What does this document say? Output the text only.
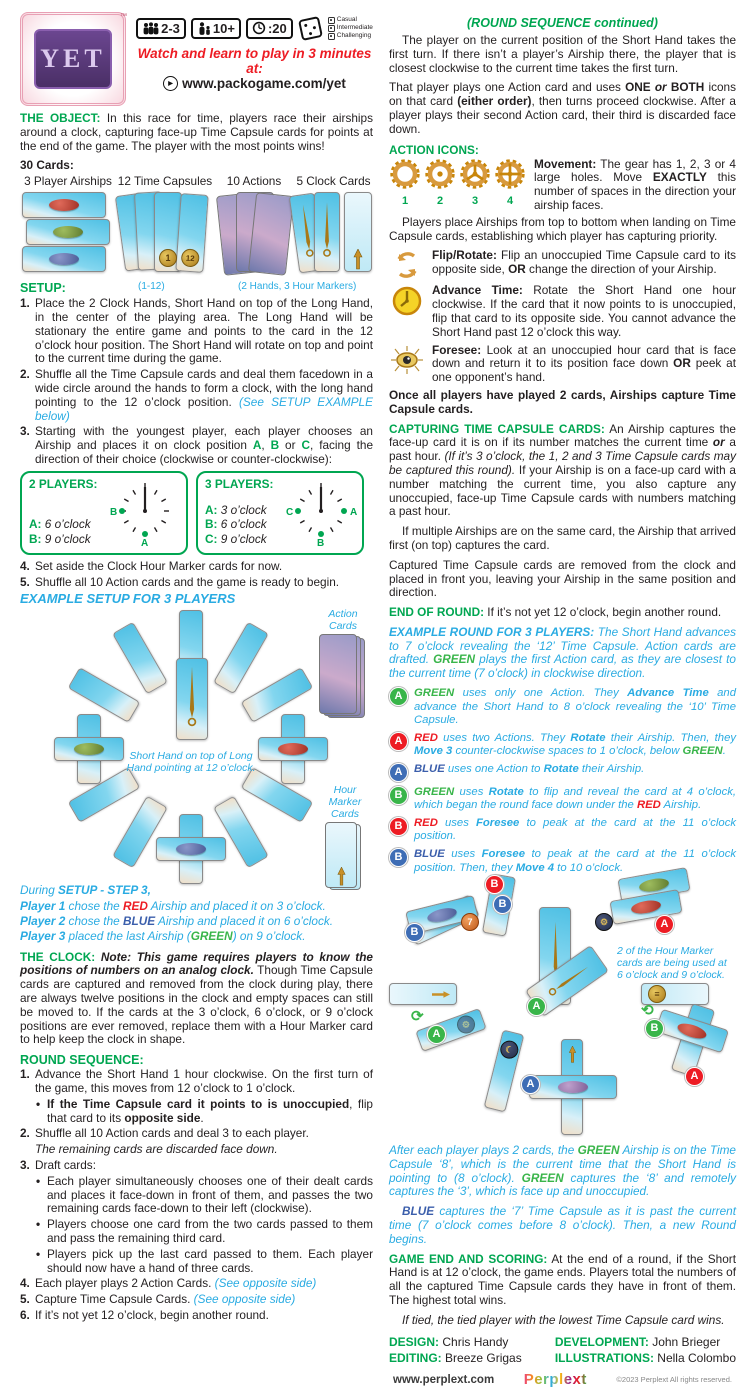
YET
™
2-3	10+	:20
Casual
Intermediate
Challenging
Watch and learn to play in 3 minutes at:
▶ www.packogame.com/yet
THE OBJECT: In this race for time, players race their airships around a clock, capturing face-up Time Capsule cards for points at the end of the game. The player with the most points wins!
30 Cards:
3 Player Airships 12 Time Capsules	10 Actions	5 Clock Cards
1	12
SETUP:	(1-12)	(2 Hands, 3 Hour Markers)
1. Place the 2 Clock Hands, Short Hand on top of the Long Hand, in the center of the playing area. The Long Hand will be stationary the entire game and points to the card in the 12 o’clock hour position. The Short Hand will rotate on top and point to the current time during the game.
2. Shuffle all the Time Capsule cards and deal them facedown in a wide circle around the hands to form a clock, with the long hand pointing to the 12 o’clock position. (See SETUP EXAMPLE below)
3. Starting with the youngest player, each player chooses an Airship and places it on clock position A, B or C, facing the direction of their choice (clockwise or counter-clockwise):
2 PLAYERS:
A: 6 o’clock
B: 9 o’clock
B
A
3 PLAYERS:
A: 3 o’clock
B: 6 o’clock
C: 9 o’clock
C	A
B
4. Set aside the Clock Hour Marker cards for now.
5. Shuffle all 10 Action cards and the game is ready to begin.
EXAMPLE SETUP FOR 3 PLAYERS
Short Hand on top of Long Hand pointing at 12 o’clock.
Action Cards
Hour Marker Cards
During SETUP - STEP 3,
Player 1 chose the RED Airship and placed it on 3 o’clock.
Player 2 chose the BLUE Airship and placed it on 6 o’clock.
Player 3 placed the last Airship (GREEN) on 9 o’clock.
THE CLOCK: Note: This game requires players to know the positions of numbers on an analog clock. Though Time Capsule cards are captured and removed from the clock during play, there are always twelve positions in the clock and empty spaces can still be moved to. If the cards at the 3 o’clock, 6 o’clock, or 9 o’clock positions are ever removed, replace them with a Hour Marker card to help keep the clock in shape.
ROUND SEQUENCE:
1. Advance the Short Hand 1 hour clockwise. On the first turn of the game, this moves from 12 o’clock to 1 o’clock.
• If the Time Capsule card it points to is unoccupied, flip that card to its opposite side.
2. Shuffle all 10 Action cards and deal 3 to each player.
The remaining cards are discarded face down.
3. Draft cards:
• Each player simultaneously chooses one of their dealt cards and places it face-down in front of them, and passes the two remaining cards face-down to their left (clockwise).
• Players choose one card from the two cards passed to them and pass the remaining third card.
• Players pick up the last card passed to them. Each player should now have a hand of three cards.
4. Each player plays 2 Action Cards. (See opposite side)
5. Capture Time Capsule Cards. (See opposite side)
6. If it’s not yet 12 o’clock, begin another round.
(ROUND SEQUENCE continued)
The player on the current position of the Short Hand takes the first turn. If there isn’t a player’s Airship there, the player that is closest clockwise to the current time takes the first turn.
That player plays one Action card and uses ONE or BOTH icons on that card (either order), then turns proceed clockwise. After a player plays their second Action card, their third is discarded face down.
ACTION ICONS:
1	2	3	4
Movement: The gear has 1, 2, 3 or 4 large holes. Move EXACTLY this number of spaces in the direction your airship faces.
Players place Airships from top to bottom when landing on Time Capsule cards, establishing which player has capturing priority.
Flip/Rotate: Flip an unoccupied Time Capsule card to its opposite side, OR change the direction of your Airship.
Advance Time: Rotate the Short Hand one hour clockwise. If the card that it now points to is unoccupied, flip that card to its opposite side. You cannot advance the Short Hand past 12 o’clock this way.
Foresee: Look at an unoccupied hour card that is face down and return it to its position face down OR peek at one opponent’s hand.
Once all players have played 2 cards, Airships capture Time Capsule cards.
CAPTURING TIME CAPSULE CARDS: An Airship captures the face-up card it is on if its number matches the current time or a past hour. (If it’s 3 o’clock, the 1, 2 and 3 Time Capsule cards may be captured this round). If your Airship is on a face-up card with a number matching the current time, you also capture any unoccupied, face-up Time Capsule cards with numbers matching a past hour.
If multiple Airships are on the same card, the Airship that arrived first (on top) captures the card.
Captured Time Capsule cards are removed from the clock and placed in front you, leaving your Airship in the same position and direction.
END OF ROUND: If it’s not yet 12 o’clock, begin another round.
EXAMPLE ROUND FOR 3 PLAYERS: The Short Hand advances to 7 o’clock revealing the ‘12’ Time Capsule. Action cards are drafted. GREEN plays the first Action card, as they are closest to the current time (7 o’clock) in clockwise direction.
A	GREEN uses only one Action. They Advance Time and advance the Short Hand to 8 o’clock revealing the ‘10’ Time Capsule.
A	RED uses two Actions. They Rotate their Airship. Then, they Move 3 counter-clockwise spaces to 1 o’clock, below GREEN.
A	BLUE uses one Action to Rotate their Airship.
B	GREEN uses Rotate to flip and reveal the card at 4 o’clock, which began the round face down under the RED Airship.
B	RED uses Foresee to peak at the card at the 11 o’clock position.
B	BLUE uses Foresee to peak at the card at the 11 o’clock position. Then, they Move 4 to 10 o’clock.
B
B
7
B
⚙	A
2 of the Hour Marker cards are being used at 6 o’clock and 9 o’clock.
A
≡
⚙
⟳
A
⟲
B
A
☾
A
After each player plays 2 cards, the GREEN Airship is on the Time Capsule ‘8’, which is the current time that the Short Hand is pointing to (8 o’clock). GREEN captures the ‘8’ and remotely captures the ‘3’, which is face up and unoccupied.
BLUE captures the ‘7’ Time Capsule as it is past the current time (7 o’clock comes before 8 o’clock). Then, a new Round begins.
GAME END AND SCORING: At the end of a round, if the Short Hand is at 12 o’clock, the game ends. Players total the numbers of all the captured Time Capsule cards they have in front of them. The highest total wins.
If tied, the tied player with the lowest Time Capsule card wins.
DESIGN: Chris Handy
EDITING: Breeze Grigas
DEVELOPMENT: John Brieger
ILLUSTRATIONS: Nella Colombo
www.perplext.com Perplext	©2023 Perplext All rights reserved.
